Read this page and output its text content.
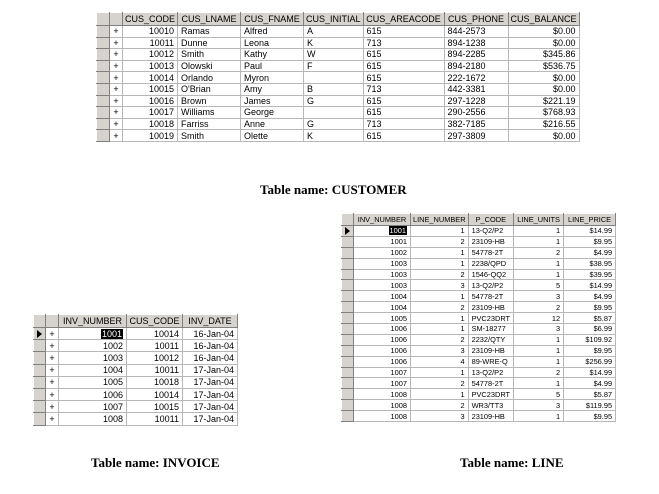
		CUS_CODE	CUS_LNAME	CUS_FNAME	CUS_INITIAL	CUS_AREACODE	CUS_PHONE	CUS_BALANCE
	+	10010	Ramas	Alfred	A	615	844-2573	$0.00
	+	10011	Dunne	Leona	K	713	894-1238	$0.00
	+	10012	Smith	Kathy	W	615	894-2285	$345.86
	+	10013	Olowski	Paul	F	615	894-2180	$536.75
	+	10014	Orlando	Myron		615	222-1672	$0.00
	+	10015	O'Brian	Amy	B	713	442-3381	$0.00
	+	10016	Brown	James	G	615	297-1228	$221.19
	+	10017	Williams	George		615	290-2556	$768.93
	+	10018	Farriss	Anne	G	713	382-7185	$216.55
	+	10019	Smith	Olette	K	615	297-3809	$0.00
Table name: CUSTOMER
	INV_NUMBER	LINE_NUMBER	P_CODE	LINE_UNITS	LINE_PRICE
	1001	1	13-Q2/P2	1	$14.99
	1001	2	23109-HB	1	$9.95
	1002	1	54778-2T	2	$4.99
	1003	1	2238/QPD	1	$38.95
	1003	2	1546-QQ2	1	$39.95
	1003	3	13-Q2/P2	5	$14.99
	1004	1	54778-2T	3	$4.99
	1004	2	23109-HB	2	$9.95
	1005	1	PVC23DRT	12	$5.87
	1006	1	SM-18277	3	$6.99
	1006	2	2232/QTY	1	$109.92
	1006	3	23109-HB	1	$9.95
	1006	4	89-WRE-Q	1	$256.99
	1007	1	13-Q2/P2	2	$14.99
	1007	2	54778-2T	1	$4.99
	1008	1	PVC23DRT	5	$5.87
	1008	2	WR3/TT3	3	$119.95
	1008	3	23109-HB	1	$9.95
Table name: LINE
		INV_NUMBER	CUS_CODE	INV_DATE
	+	1001	10014	16-Jan-04
	+	1002	10011	16-Jan-04
	+	1003	10012	16-Jan-04
	+	1004	10011	17-Jan-04
	+	1005	10018	17-Jan-04
	+	1006	10014	17-Jan-04
	+	1007	10015	17-Jan-04
	+	1008	10011	17-Jan-04
Table name: INVOICE
